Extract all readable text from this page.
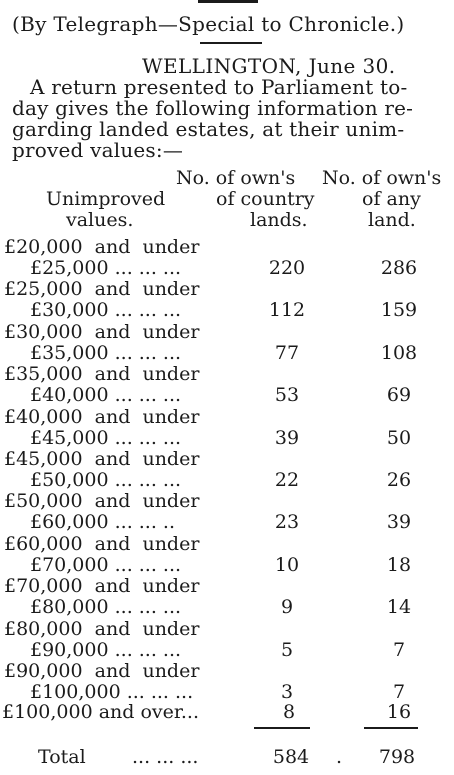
(By Telegraph—Special to Chronicle.)
WELLINGTON, June 30.
A return presented to Parliament to-
day gives the following information re-
garding landed estates, at their unim-
proved values:—
No. of own's No. of own's
Unimproved	of country of any
values.	lands.	land.
£20,000  and  under
£25,000 ... ... ...	220	286
£25,000  and  under
£30,000 ... ... ...	112	159
£30,000  and  under
£35,000 ... ... ...	77	108
£35,000  and  under
£40,000 ... ... ...	53	69
£40,000  and  under
£45,000 ... ... ...	39	50
£45,000  and  under
£50,000 ... ... ...	22	26
£50,000  and  under
£60,000 ... ... ..	23	39
£60,000  and  under
£70,000 ... ... ...	10	18
£70,000  and  under
£80,000 ... ... ...	9	14
£80,000  and  under
£90,000 ... ... ...	5	7
£90,000  and  under
£100,000 ... ... ...	3	7
£100,000 and over...	8	16
Total ... ... ...	584	.	798
